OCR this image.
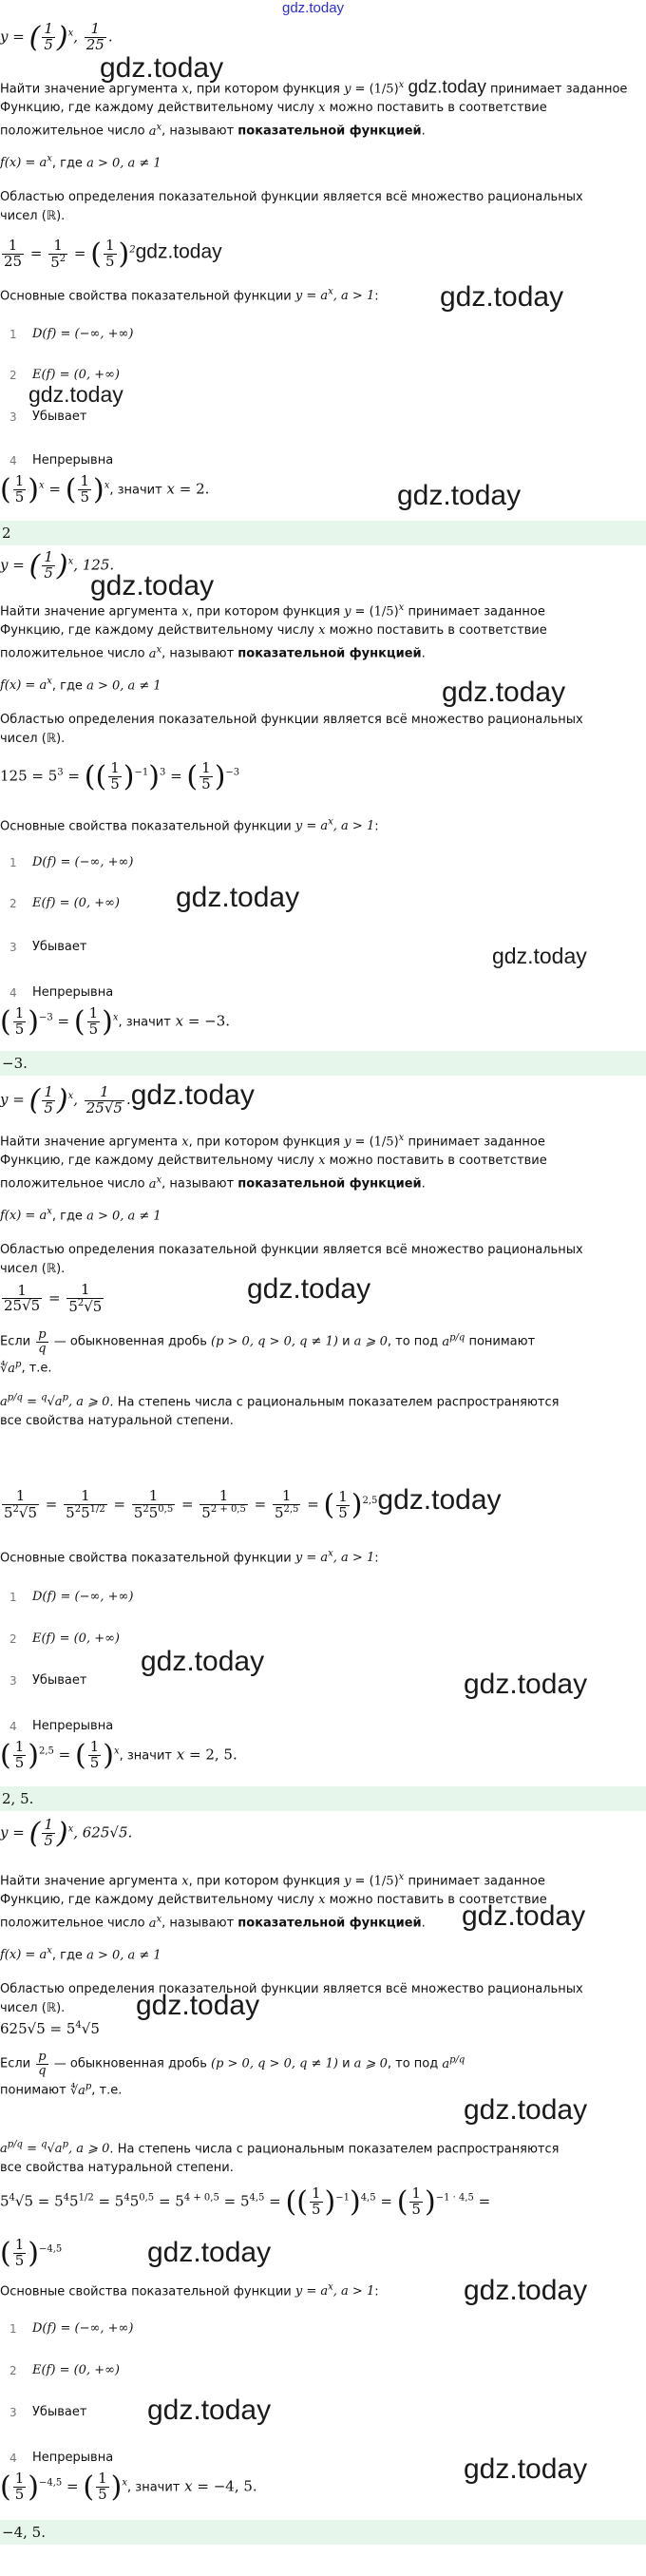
gdz.today
y = ( $\frac{1}{5} )^x$, $\frac{1}{25}$ .
gdz.today
Найти значение аргумента x, при котором функция $y = (1/5)^x$ gdz.today принимает заданное
Функцию, где каждому действительному числу x можно поставить в соответствие
положительное число $a^x$, называют показательной функцией.
$f(x) = a^x$, где a > 0, a ≠ 1
Областью определения показательной функции является всё множество рациональных
чисел (ℝ).
$\frac{1}{25} = \frac{1}{5^2}$ = ( $\frac{1}{5}$ )$^2$gdz.today
Основные свойства показательной функции $y = a^x$, a > 1:	gdz.today
1 D(f) = (−∞, +∞)
2 E(f) = (0, +∞)
gdz.today
3 Убывает
4 Непрерывна
( $\frac{1}{5} )^x$ = ( $\frac{1}{5} )^x$, значит x = 2.	gdz.today
2
y = ( $\frac{1}{5} )^x$, 125.
gdz.today
Найти значение аргумента x, при котором функция $y = (1/5)^x$ принимает заданное
Функцию, где каждому действительному числу x можно поставить в соответствие
положительное число $a^x$, называют показательной функцией.
$f(x) = a^x$, где a > 0, a ≠ 1	gdz.today
Областью определения показательной функции является всё множество рациональных
чисел (ℝ).
$125 = 5^3$ = (( $\frac{1}{5} )^{-1})^3$ = ( $\frac{1}{5} )^{-3}$
Основные свойства показательной функции $y = a^x$, a > 1:
1 D(f) = (−∞, +∞)
2 E(f) = (0, +∞) gdz.today
3 Убывает	gdz.today
4 Непрерывна
( $\frac{1}{5} )^{-3}$ = ( $\frac{1}{5} )^x$, значит x = −3.
−3.
y = ( $\frac{1}{5} )^x$, $\frac{1}{25√5}$ .gdz.today
Найти значение аргумента x, при котором функция $y = (1/5)^x$ принимает заданное
Функцию, где каждому действительному числу x можно поставить в соответствие
положительное число $a^x$, называют показательной функцией.
$f(x) = a^x$, где a > 0, a ≠ 1
Областью определения показательной функции является всё множество рациональных
чисел (ℝ).
$\frac{1}{25√5} = \frac{1}{5^2√5}$	gdz.today
Если $\frac{p}{q}$ — обыкновенная дробь (p > 0, q > 0, q ≠ 1) и a ⩾ 0, то под $a^{p/q}$ понимают
$∜a^p$, т.е.
$a^{p/q} = ^q√a^p$, a ⩾ 0. На степень числа с рациональным показателем распространяются
все свойства натуральной степени.
$\frac{1}{5^2√5} = \frac{1}{5^25^{1/2}} = \frac{1}{5^25^{0,5}} = \frac{1}{5^{2 + 0,5}} = \frac{1}{5^{2,5}}$ = ( $\frac{1}{5}$ )$^{2,5}$gdz.today
Основные свойства показательной функции $y = a^x$, a > 1:
1 D(f) = (−∞, +∞)
2 E(f) = (0, +∞)
gdz.today
3 Убывает	gdz.today
4 Непрерывна
( $\frac{1}{5} )^{2,5}$ = ( $\frac{1}{5} )^x$, значит x = 2, 5.
2, 5.
y = ( $\frac{1}{5} )^x$, 625√5.
Найти значение аргумента x, при котором функция $y = (1/5)^x$ принимает заданное
Функцию, где каждому действительному числу x можно поставить в соответствие
положительное число $a^x$, называют показательной функцией.	gdz.today
$f(x) = a^x$, где a > 0, a ≠ 1
Областью определения показательной функции является всё множество рациональных
чисел (ℝ).	gdz.today
$625√5 = 5^4√5$
Если $\frac{p}{q}$ — обыкновенная дробь (p > 0, q > 0, q ≠ 1) и a ⩾ 0, то под $a^{p/q}$
понимают $∜a^p$, т.е.
gdz.today
$a^{p/q} = ^q√a^p$, a ⩾ 0. На степень числа с рациональным показателем распространяются
все свойства натуральной степени.
$5^4√5 = 5^45^{1/2} = 5^45^{0,5} = 5^{4 + 0,5} = 5^{4,5}$ = (( $\frac{1}{5} )^{-1})^{4,5}$ = ( $\frac{1}{5} )^{-1 \cdot 4,5}$ =
( $\frac{1}{5} )^{-4,5}$	gdz.today
gdz.today
Основные свойства показательной функции $y = a^x$, a > 1:
1 D(f) = (−∞, +∞)
2 E(f) = (0, +∞)
3 Убывает gdz.today
4 Непрерывна	gdz.today
( $\frac{1}{5} )^{-4,5}$ = ( $\frac{1}{5} )^x$, значит x = −4, 5.
−4, 5.
